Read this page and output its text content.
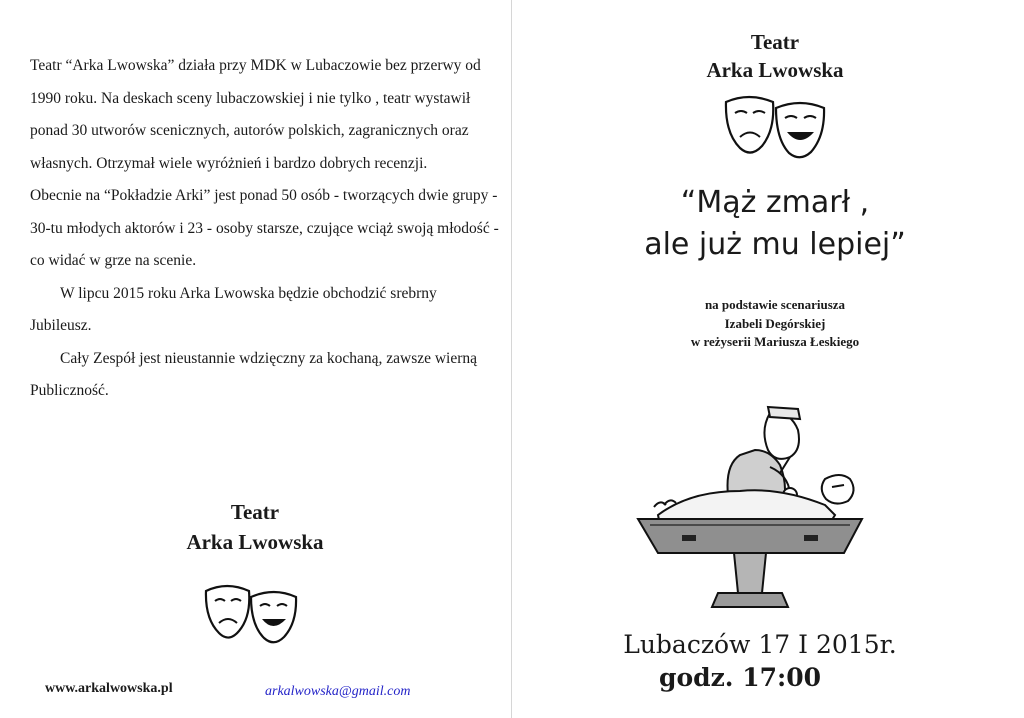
Teatr “Arka Lwowska” działa przy MDK w Lubaczowie bez przerwy od 1990 roku. Na deskach sceny lubaczowskiej i nie tylko , teatr wystawił ponad 30 utworów scenicznych, autorów polskich, zagranicznych oraz własnych. Otrzymał wiele wyróżnień i bardzo dobrych recenzji.

Obecnie na “Pokładzie Arki” jest ponad 50 osób - tworzących dwie grupy - 30-tu młodych aktorów i 23 - osoby starsze, czujące wciąż swoją młodość - co widać w grze na scenie.

W lipcu 2015 roku Arka Lwowska będzie obchodzić srebrny Jubileusz.

Cały Zespół jest nieustannie wdzięczny za kochaną, zawsze wierną Publiczność.

Teatr
Arka Lwowska
www.arkalwowska.pl	arkalwowska@gmail.com
Teatr
Arka Lwowska
“Mąż zmarł ,
ale już mu lepiej”
na podstawie scenariusza
Izabeli Degórskiej
w reżyserii Mariusza Łeskiego
Lubaczów 17 I 2015r.
godz. 17:00
